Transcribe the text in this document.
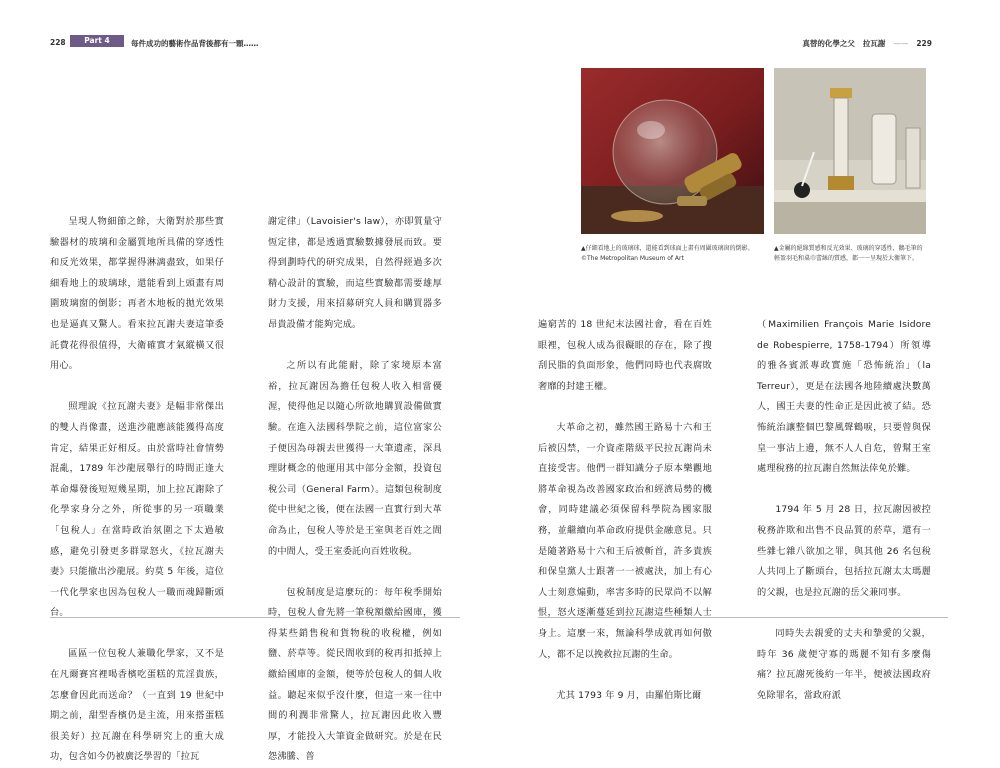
228	Part 4	每件成功的藝術作品背後都有一顆……	真替的化學之父 拉瓦謝 —— 229

呈現人物細節之餘，大衛對於那些實驗器材的玻璃和金屬質地所具備的穿透性和反光效果，都掌握得淋漓盡致，如果仔細看地上的玻璃球，還能看到上頭畫有周圍玻璃窗的倒影；再者木地板的拋光效果也是逼真又驚人。看來拉瓦謝夫妻這筆委託費花得很值得，大衛確實才氣縱橫又很用心。

照理說《拉瓦謝夫妻》是幅非常傑出的雙人肖像畫，送進沙龍應該能獲得高度肯定，結果正好相反。由於當時社會情勢混亂，1789 年沙龍展舉行的時間正逢大革命爆發後短短幾星期，加上拉瓦謝除了化學家身分之外，所從事的另一項職業「包稅人」在當時政治氛圍之下太過敏感，避免引發更多群眾怒火，《拉瓦謝夫妻》只能撤出沙龍展。約莫 5 年後，這位一代化學家也因為包稅人一職而魂歸斷頭台。

區區一位包稅人兼職化學家，又不是在凡爾賽宮裡喝香檳吃蛋糕的荒淫貴族，怎麼會因此而送命？（一直到 19 世紀中期之前，甜型香檳仍是主流，用來搭蛋糕很美好）拉瓦謝在科學研究上的重大成功，包含如今仍被廣泛學習的「拉瓦

謝定律」（Lavoisier's law），亦即質量守恆定律，都是透過實驗數據發展而致。要得到劃時代的研究成果，自然得經過多次精心設計的實驗，而這些實驗都需要雄厚財力支援，用來招募研究人員和購買器多昂貴設備才能夠完成。

之所以有此能耐，除了家境原本富裕，拉瓦謝因為擔任包稅人收入相當優渥，使得他足以隨心所欲地購買設備做實驗。在進入法國科學院之前，這位富家公子便因為母親去世獲得一大筆遺產，深具理財概念的他運用其中部分金額，投資包稅公司（General Farm）。這類包稅制度從中世紀之後，便在法國一直實行到大革命為止，包稅人等於是王室與老百姓之間的中間人，受王室委託向百姓收稅。

包稅制度是這麼玩的：每年稅季開始時，包稅人會先將一筆稅額繳給國庫，獲得某些銷售稅和貨物稅的收稅權，例如鹽、菸草等。從民間收到的稅再扣抵掉上繳給國庫的金額，便等於包稅人的個人收益。聽起來似乎沒什麼，但這一來一往中間的利潤非常驚人，拉瓦謝因此收入豐厚，才能投入大筆資金做研究。於是在民怨沸騰、普

▲仔細看地上的玻璃球，還能看到球面上畫有周圍玻璃窗的倒影。
©The Metropolitan Museum of Art
▲金屬的絕緣質感和反光效果、玻璃的穿透性，鵝毛筆的輕盈羽毛和桌巾蕾絲的質感，都一一呈現於大衛筆下。

遍窮苦的 18 世紀末法國社會，看在百姓眼裡，包稅人成為很礙眼的存在，除了搜刮民脂的負面形象，他們同時也代表腐敗奢靡的封建王權。

大革命之初，雖然國王路易十六和王后被囚禁，一介資產階級平民拉瓦謝尚未直接受害。他們一群知識分子原本樂觀地將革命視為改善國家政治和經濟局勢的機會，同時建議必須保留科學院為國家服務，並繼續向革命政府提供金融意見。只是隨著路易十六和王后被斬首，許多貴族和保皇黨人士跟著一一被處決，加上有心人士刻意煽動，率害多時的民眾尚不以解恨，怒火逐漸蔓延到拉瓦謝這些種類人士身上。這麼一來，無論科學成就再如何傲人，都不足以挽救拉瓦謝的生命。

尤其 1793 年 9 月，由羅伯斯比爾

（Maximilien François Marie Isidore de Robespierre, 1758-1794）所領導的雅各賓派專政實施「恐怖統治」（la Terreur），更是在法國各地陸續處決數萬人，國王夫妻的性命正是因此被了結。恐怖統治讓整個巴黎風聲鶴唳，只要曾與保皇一事沾上邊，無不人人自危，曾幫王室處理稅務的拉瓦謝自然無法倖免於難。

1794 年 5 月 28 日，拉瓦謝因被控稅務詐欺和出售不良品質的菸草，還有一些雜七雜八欲加之罪，與其他 26 名包稅人共同上了斷頭台，包括拉瓦謝太太瑪麗的父親，也是拉瓦謝的岳父兼同事。

同時失去親愛的丈夫和摯愛的父親，時年 36 歲便守寡的瑪麗不知有多麼傷痛？拉瓦謝死後約一年半，便被法國政府免除罪名，當政府派
